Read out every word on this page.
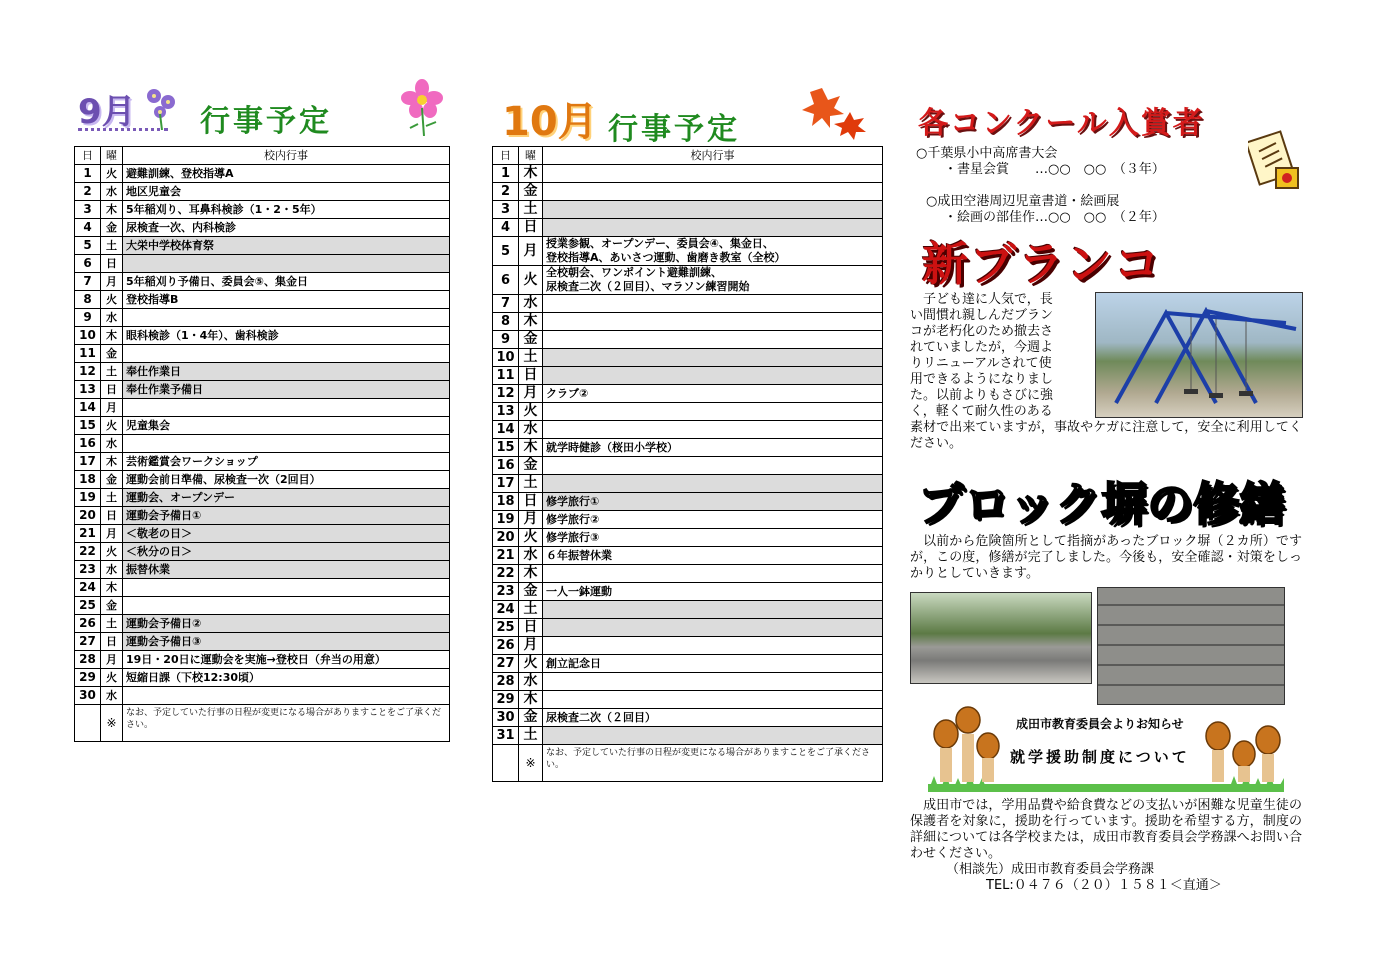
9月 行事予定	10月 行事予定
日	曜	校内行事
1	火	避難訓練、登校指導A
2	水	地区児童会
3	木	5年稲刈り、耳鼻科検診（1・2・5年）
4	金	尿検査一次、内科検診
5	土	大栄中学校体育祭
6	日	
7	月	5年稲刈り予備日、委員会⑤、集金日
8	火	登校指導B
9	水	
10	木	眼科検診（1・4年）、歯科検診
11	金	
12	土	奉仕作業日
13	日	奉仕作業予備日
14	月	
15	火	児童集会
16	水	
17	木	芸術鑑賞会ワークショップ
18	金	運動会前日準備、尿検査一次（2回目）
19	土	運動会、オープンデー
20	日	運動会予備日①
21	月	＜敬老の日＞
22	火	＜秋分の日＞
23	水	振替休業
24	木	
25	金	
26	土	運動会予備日②
27	日	運動会予備日③
28	月	19日・20日に運動会を実施→登校日（弁当の用意）
29	火	短縮日課（下校12:30頃）
30	水	
	※	なお、予定していた行事の日程が変更になる場合がありますことをご了承ください。
日	曜	校内行事
1	木	
2	金	
3	土	
4	日	
5	月	授業参観、オープンデー、委員会④、集金日、
登校指導A、あいさつ運動、歯磨き教室（全校）

6	火	全校朝会、ワンポイント避難訓練、
尿検査二次（２回目）、マラソン練習開始

7	水	
8	木	
9	金	
10	土	
11	日	
12	月	クラブ②
13	火	
14	水	
15	木	就学時健診（桜田小学校）
16	金	
17	土	
18	日	修学旅行①
19	月	修学旅行②
20	火	修学旅行③
21	水	６年振替休業
22	木	
23	金	一人一鉢運動
24	土	
25	日	
26	月	
27	火	創立記念日
28	水	
29	木	
30	金	尿検査二次（２回目）
31	土	
	※	なお、予定していた行事の日程が変更になる場合がありますことをご了承ください。
各コンクール入賞者
○千葉県小中高席書大会
・書星会賞　　…○○　○○　（３年）
○成田空港周辺児童書道・絵画展
・絵画の部佳作…○○　○○　（２年）
新ブランコ
　子ども達に人気で，長
い間慣れ親しんだブラン
コが老朽化のため撤去さ
れていましたが，今週よ
りリニューアルされて使
用できるようになりまし
た。以前よりもさびに強
く，軽くて耐久性のある
素材で出来ていますが，事故やケガに注意して，安全に利用してください。
ブロック塀の修繕
　以前から危険箇所として指摘があったブロック塀（２カ所）ですが，この度，修繕が完了しました。今後も，安全確認・対策をしっかりとしていきます。
成田市教育委員会よりお知らせ
就学援助制度について
　成田市では，学用品費や給食費などの支払いが困難な児童生徒の保護者を対象に，援助を行っています。援助を希望する方，制度の詳細については各学校または，成田市教育委員会学務課へお問い合わせください。
（相談先）成田市教育委員会学務課
TEL:０４７６（２０）１５８１＜直通＞
